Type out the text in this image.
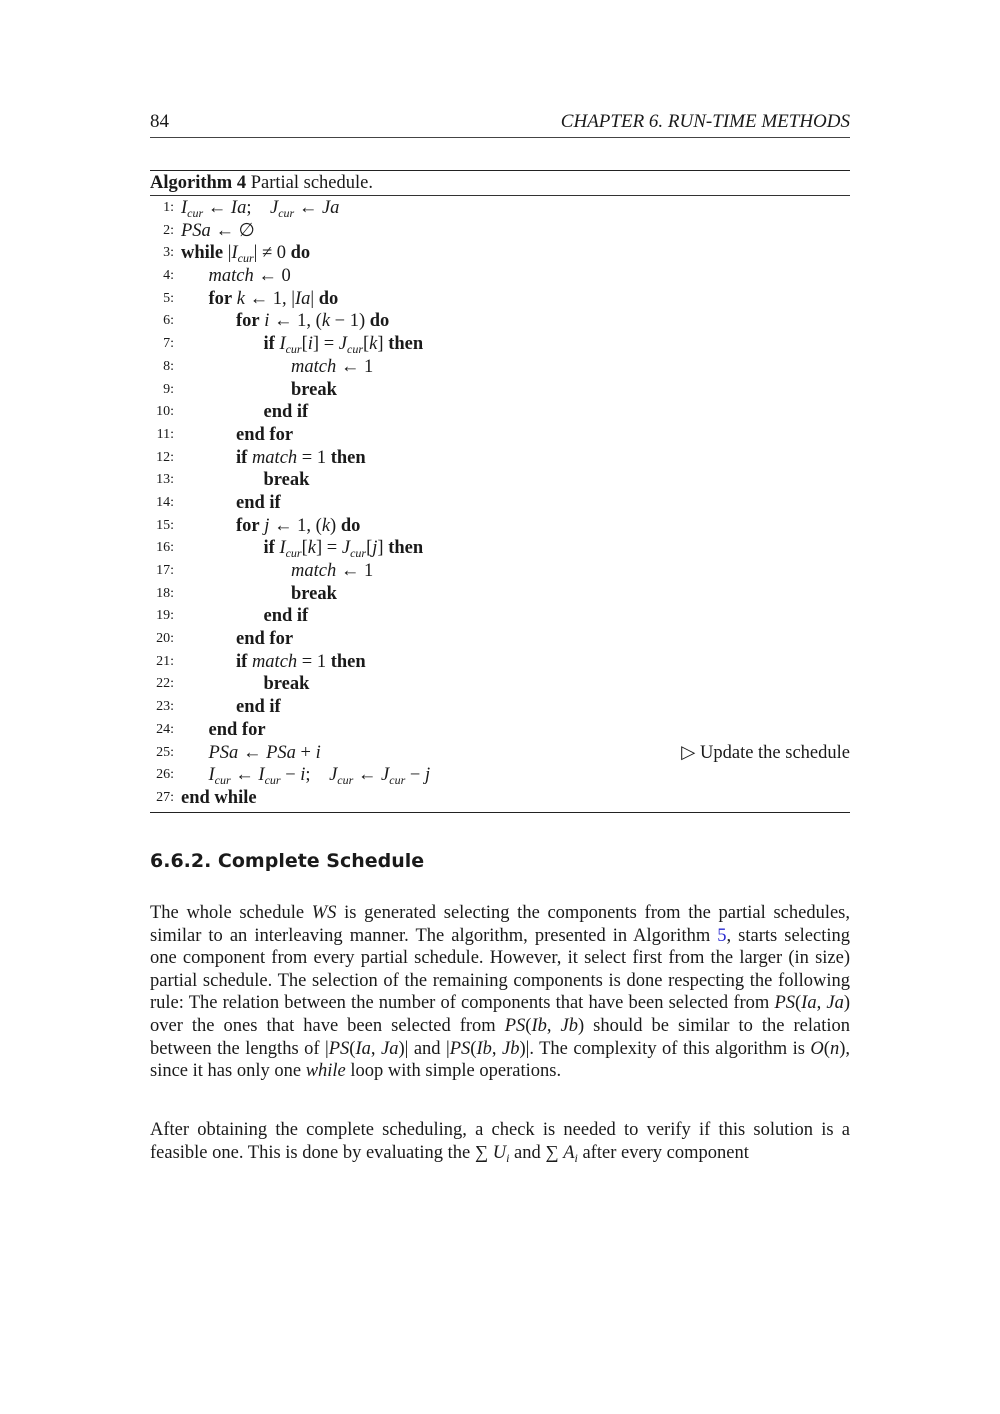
84	CHAPTER 6. RUN-TIME METHODS
Algorithm 4 Partial schedule.
1: $I_{cur}$ ← Ia;    $J_{cur}$ ← Ja
2: PSa ← ∅
3: while $|I_{cur}| \ne 0$ do
4: match ← 0
5: for k ← 1, |Ia| do
6:	for i ← 1, (k − 1) do
7:	if $I_{cur}[i] = J_{cur}[k]$ then
8:	match ← 1
9:	break
10:	end if
11:	end for
12:	if match = 1 then
13:	break
14:	end if
15:	for j ← 1, (k) do
16:	if $I_{cur}[k] = J_{cur}[j]$ then
17:	match ← 1
18:	break
19:	end if
20:	end for
21:	if match = 1 then
22:	break
23:	end if
24: end for
25: PSa ← PSa + i	▷ Update the schedule
26: $I_{cur}$ ← $I_{cur} - i$;    $J_{cur}$ ← $J_{cur} - j$
27: end while
6.6.2. Complete Schedule
The whole schedule WS is generated selecting the components from the partial schedules, similar to an interleaving manner. The algorithm, presented in Algorithm 5, starts selecting one component from every partial schedule. However, it select first from the larger (in size) partial schedule. The selection of the remaining components is done respecting the following rule: The relation between the number of components that have been selected from PS(Ia, Ja) over the ones that have been selected from PS(Ib, Jb) should be similar to the relation between the lengths of |PS(Ia, Ja)| and |PS(Ib, Jb)|. The complexity of this algorithm is O(n), since it has only one while loop with simple operations.
After obtaining the complete scheduling, a check is needed to verify if this solution is a feasible one. This is done by evaluating the ∑ $U_i$ and ∑ $A_i$ after every component
